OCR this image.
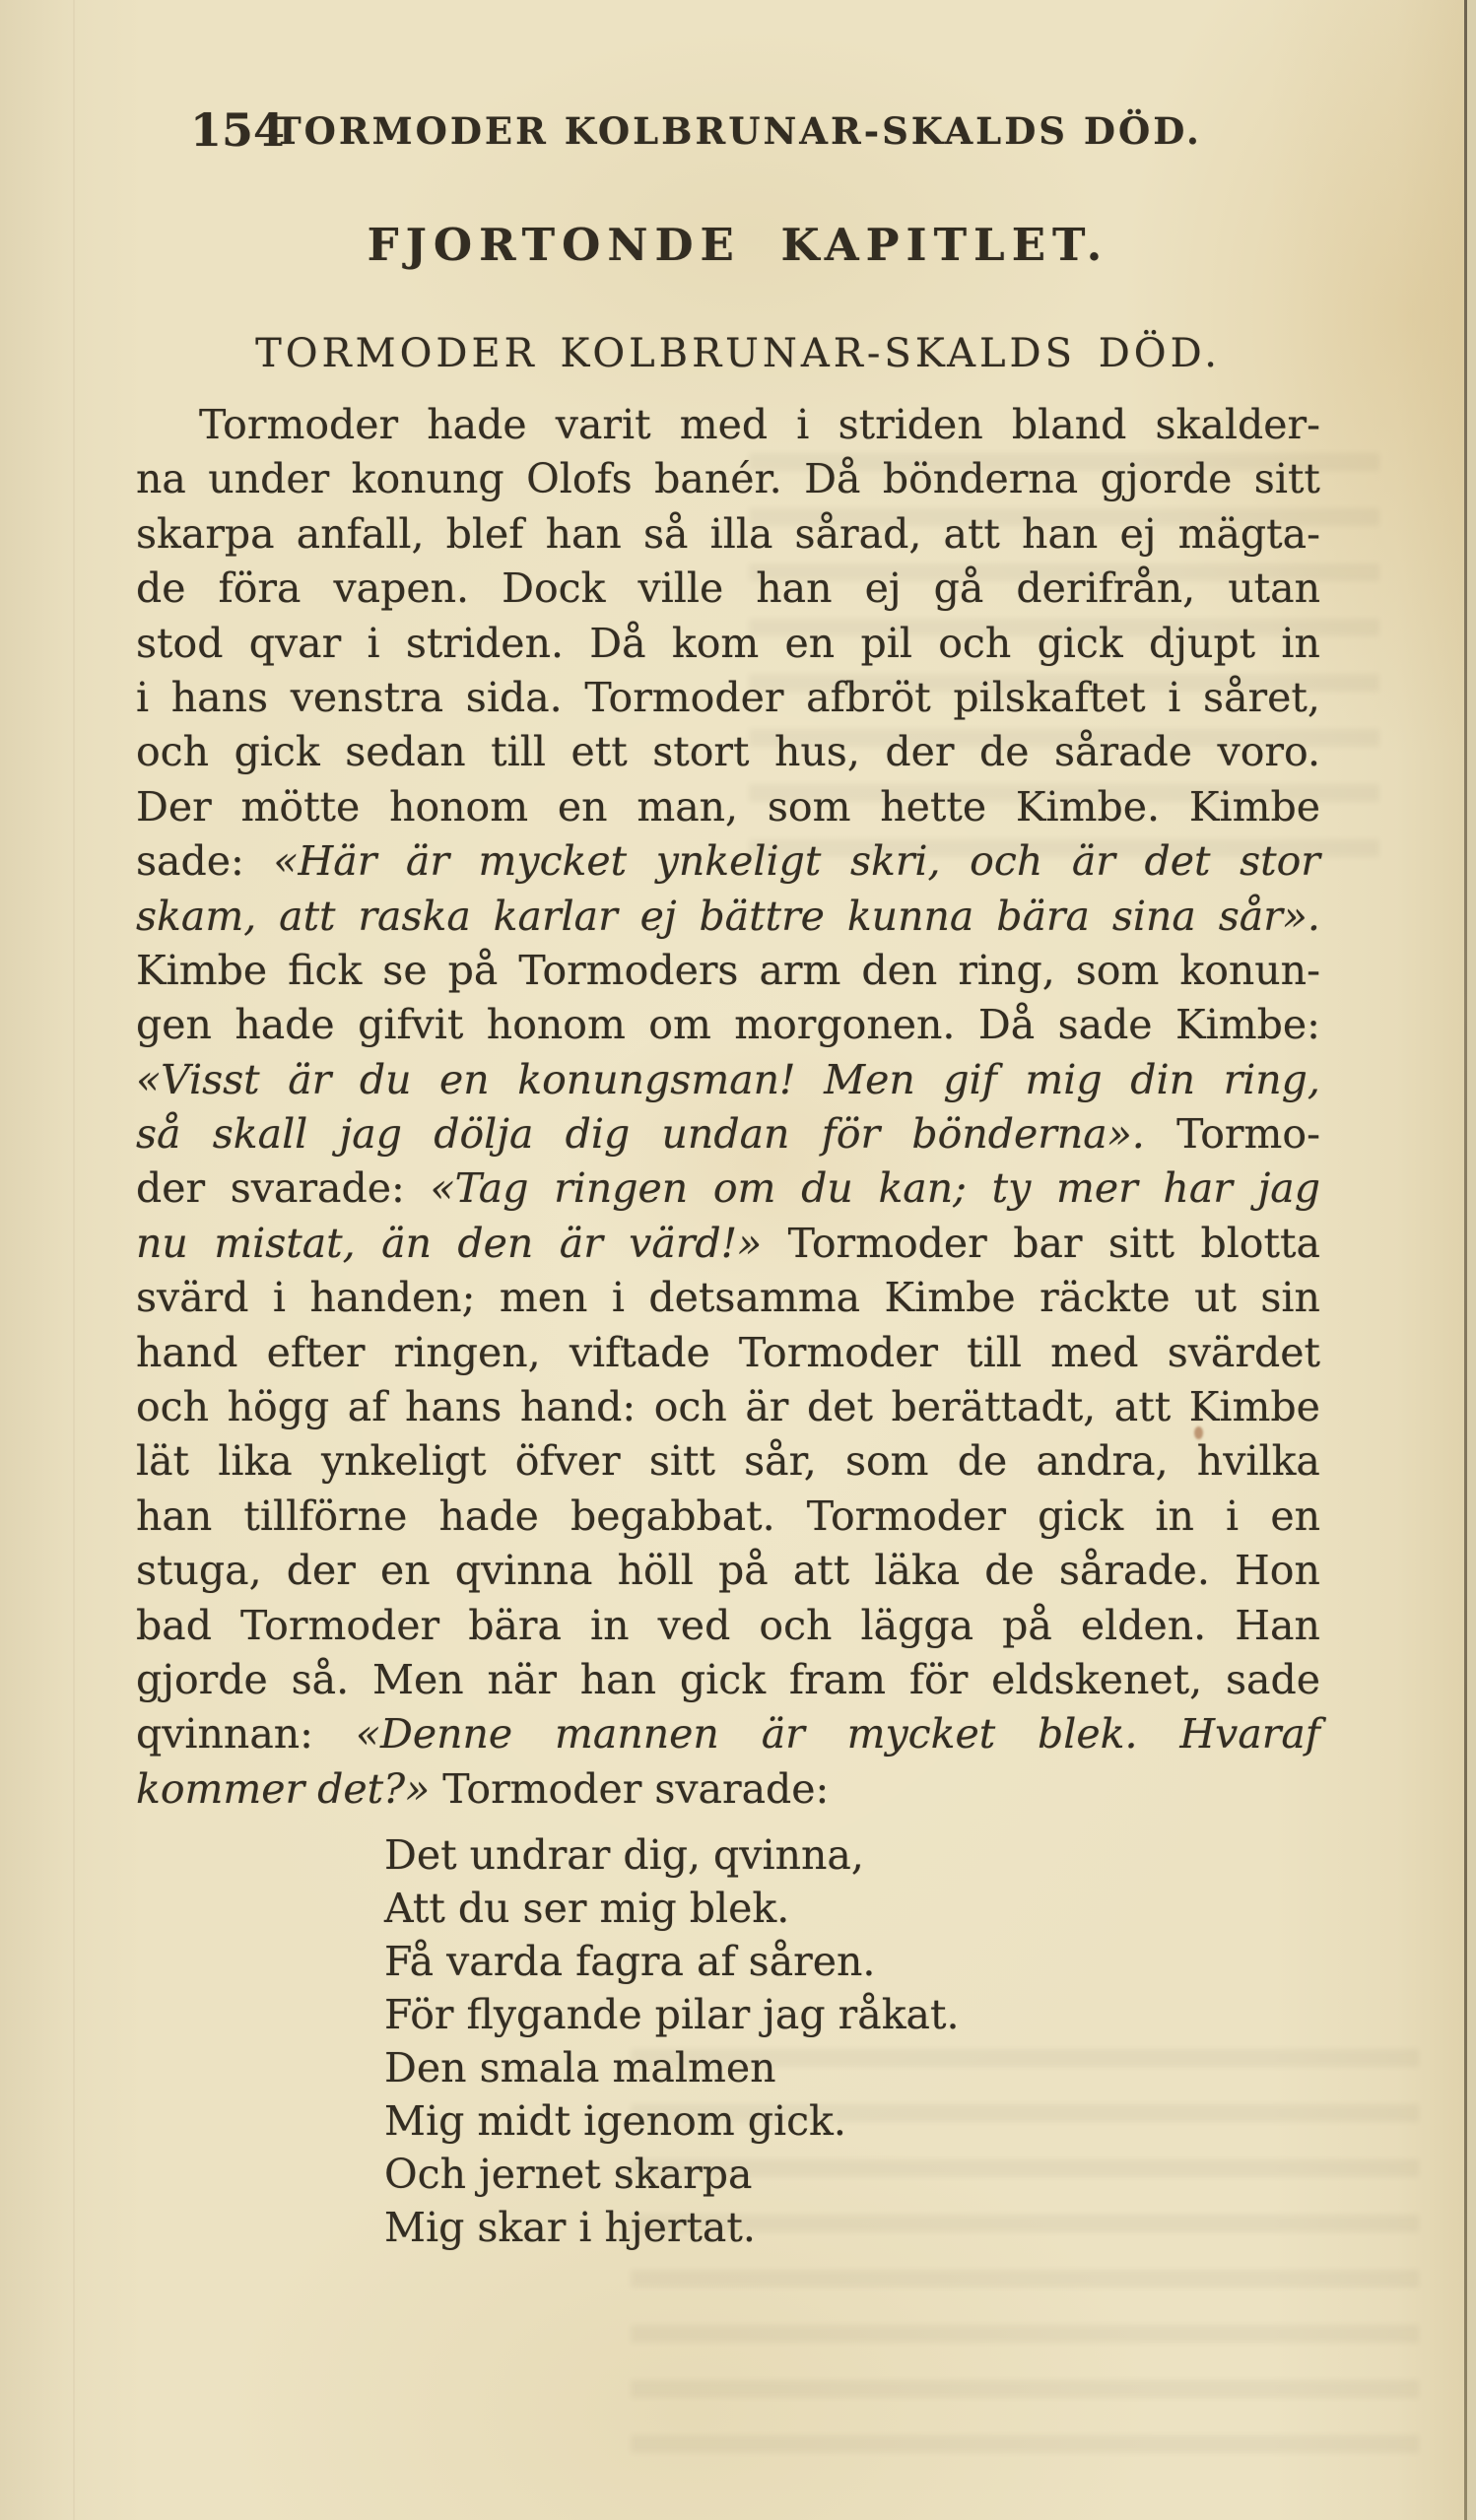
154
TORMODER KOLBRUNAR-SKALDS DÖD.
FJORTONDE KAPITLET.
TORMODER KOLBRUNAR-SKALDS DÖD.
Tormoder hade varit med i striden bland skalder-
na under konung Olofs banér. Då bönderna gjorde sitt
skarpa anfall, blef han så illa sårad, att han ej mägta-
de föra vapen. Dock ville han ej gå derifrån, utan
stod qvar i striden. Då kom en pil och gick djupt in
i hans venstra sida. Tormoder afbröt pilskaftet i såret,
och gick sedan till ett stort hus, der de sårade voro.
Der mötte honom en man, som hette Kimbe. Kimbe
sade: «Här är mycket ynkeligt skri, och är det stor
skam, att raska karlar ej bättre kunna bära sina sår».
Kimbe fick se på Tormoders arm den ring, som konun-
gen hade gifvit honom om morgonen. Då sade Kimbe:
«Visst är du en konungsman! Men gif mig din ring,
så skall jag dölja dig undan för bönderna». Tormo-
der svarade: «Tag ringen om du kan; ty mer har jag
nu mistat, än den är värd!» Tormoder bar sitt blotta
svärd i handen; men i detsamma Kimbe räckte ut sin
hand efter ringen, viftade Tormoder till med svärdet
och högg af hans hand: och är det berättadt, att Kimbe
lät lika ynkeligt öfver sitt sår, som de andra, hvilka
han tillförne hade begabbat. Tormoder gick in i en
stuga, der en qvinna höll på att läka de sårade. Hon
bad Tormoder bära in ved och lägga på elden. Han
gjorde så. Men när han gick fram för eldskenet, sade
qvinnan: «Denne mannen är mycket blek. Hvaraf
kommer det?» Tormoder svarade:
Det undrar dig, qvinna,
Att du ser mig blek.
Få varda fagra af såren.
För flygande pilar jag råkat.
Den smala malmen
Mig midt igenom gick.
Och jernet skarpa
Mig skar i hjertat.
